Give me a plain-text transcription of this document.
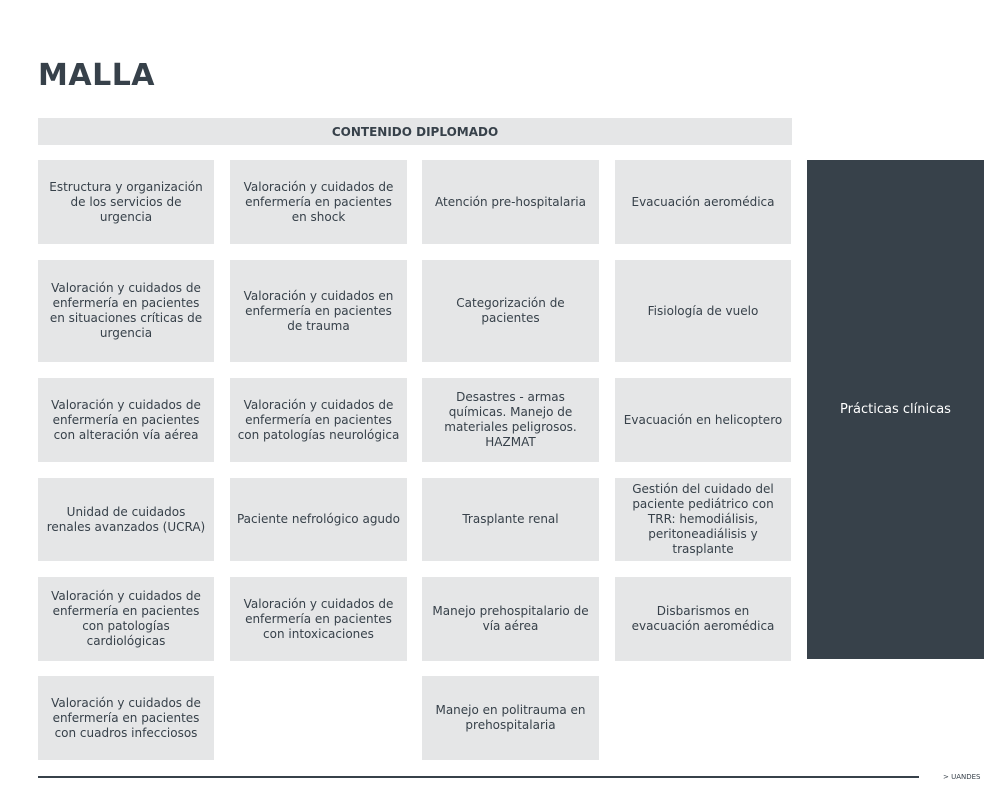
MALLA
CONTENIDO DIPLOMADO
Estructura y organización de los servicios de urgencia
Valoración y cuidados de enfermería en pacientes en shock
Atención pre-hospitalaria	Evacuación aeromédica
Valoración y cuidados de enfermería en pacientes en situaciones críticas de urgencia
Valoración y cuidados en enfermería en pacientes de trauma
Categorización de pacientes
Fisiología de vuelo
Valoración y cuidados de enfermería en pacientes con alteración vía aérea
Valoración y cuidados de enfermería en pacientes con patologías neurológica
Desastres - armas químicas. Manejo de materiales peligrosos. HAZMAT
Evacuación en helicoptero
Unidad de cuidados renales avanzados (UCRA)
Paciente nefrológico agudo	Trasplante renal
Gestión del cuidado del paciente pediátrico con TRR: hemodiálisis, peritoneadiálisis y trasplante
Valoración y cuidados de enfermería en pacientes con patologías cardiológicas
Valoración y cuidados de enfermería en pacientes con intoxicaciones
Manejo prehospitalario de vía aérea
Disbarismos en evacuación aeromédica
Valoración y cuidados de enfermería en pacientes con cuadros infecciosos
Manejo en politrauma en prehospitalaria
Prácticas clínicas
> UANDES
